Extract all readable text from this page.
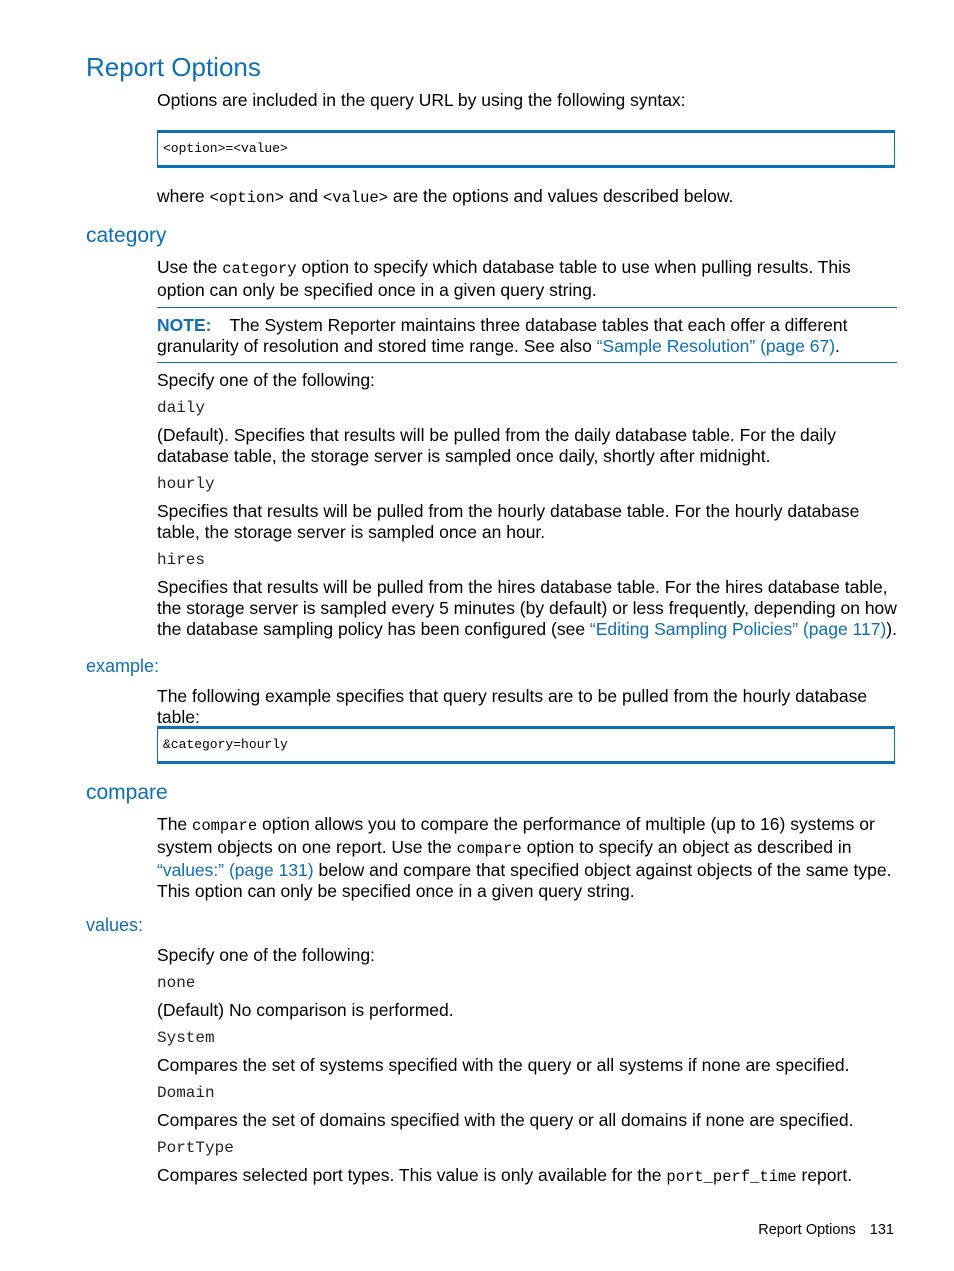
Report Options

Options are included in the query URL by using the following syntax:

<option>=<value>

where <option> and <value> are the options and values described below.

category

Use the category option to specify which database table to use when pulling results. This option can only be specified once in a given query string.

NOTE: The System Reporter maintains three database tables that each offer a different granularity of resolution and stored time range. See also “Sample Resolution” (page 67).

Specify one of the following:

daily

(Default). Specifies that results will be pulled from the daily database table. For the daily database table, the storage server is sampled once daily, shortly after midnight.

hourly

Specifies that results will be pulled from the hourly database table. For the hourly database table, the storage server is sampled once an hour.

hires

Specifies that results will be pulled from the hires database table. For the hires database table, the storage server is sampled every 5 minutes (by default) or less frequently, depending on how the database sampling policy has been configured (see “Editing Sampling Policies” (page 117)).

example:

The following example specifies that query results are to be pulled from the hourly database table:

&category=hourly
compare

The compare option allows you to compare the performance of multiple (up to 16) systems or system objects on one report. Use the compare option to specify an object as described in “values:” (page 131) below and compare that specified object against objects of the same type. This option can only be specified once in a given query string.

values:

Specify one of the following:

none

(Default) No comparison is performed.

System

Compares the set of systems specified with the query or all systems if none are specified.

Domain

Compares the set of domains specified with the query or all domains if none are specified.

PortType

Compares selected port types. This value is only available for the port_perf_time report.

Report Options 131
